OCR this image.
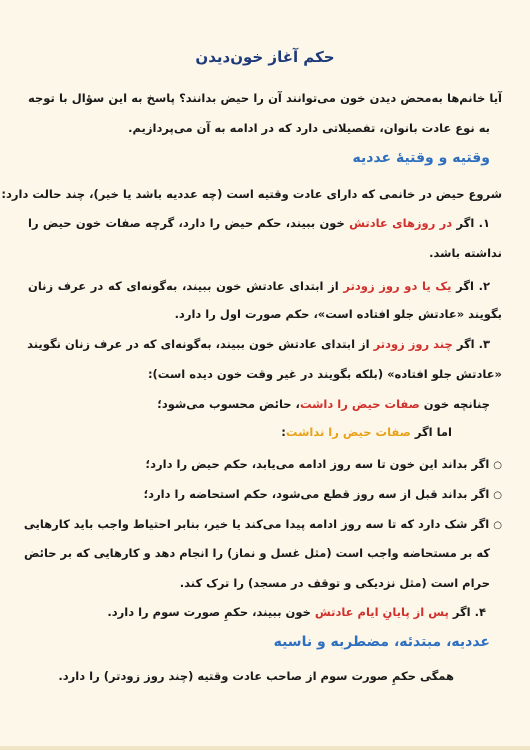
حکم آغاز خون‌دیدن
آیا خانم‌ها به‌محض دیدن خون می‌توانند آن را حیض بدانند؟ پاسخ به این سؤال با توجه
به نوع عادت بانوان، تفصیلاتی دارد که در ادامه به آن می‌پردازیم.
وقتیه و وقتیهٔ عددیه
شروع حیض در خانمی که دارای عادت وقتیه است (چه عددیه باشد یا خیر)، چند حالت دارد:
۱. اگر در روزهای عادتش خون ببیند، حکم حیض را دارد، گرچه صفات خون حیض را
نداشته باشد.
۲. اگر یک یا دو روز زودتر از ابتدای عادتش خون ببیند، به‌گونه‌ای که در عرف زنان
بگویند «عادتش جلو افتاده است»، حکم صورت اول را دارد.
۳. اگر چند روز زودتر از ابتدای عادتش خون ببیند، به‌گونه‌ای که در عرف زنان نگویند
«عادتش جلو افتاده» (بلکه بگویند در غیر وقت خون دیده است):
چنانچه خون صفات حیض را داشت، حائض محسوب می‌شود؛
اما اگر صفات حیض را نداشت:
○اگر بداند این خون تا سه روز ادامه می‌یابد، حکم حیض را دارد؛
○اگر بداند قبل از سه روز قطع می‌شود، حکم استحاضه را دارد؛
○اگر شک دارد که تا سه روز ادامه پیدا می‌کند یا خیر، بنابر احتیاط واجب باید کارهایی
که بر مستحاضه واجب است (مثل غسل و نماز) را انجام دهد و کارهایی که بر حائض
حرام است (مثل نزدیکی و توقف در مسجد) را ترک کند.
۴. اگر پس از پایانِ ایام عادتش خون ببیند، حکمِ صورت سوم را دارد.
عددیه، مبتدئه، مضطربه و ناسیه
همگی حکمِ صورت سوم از صاحب عادت وقتیه (چند روز زودتر) را دارد.
